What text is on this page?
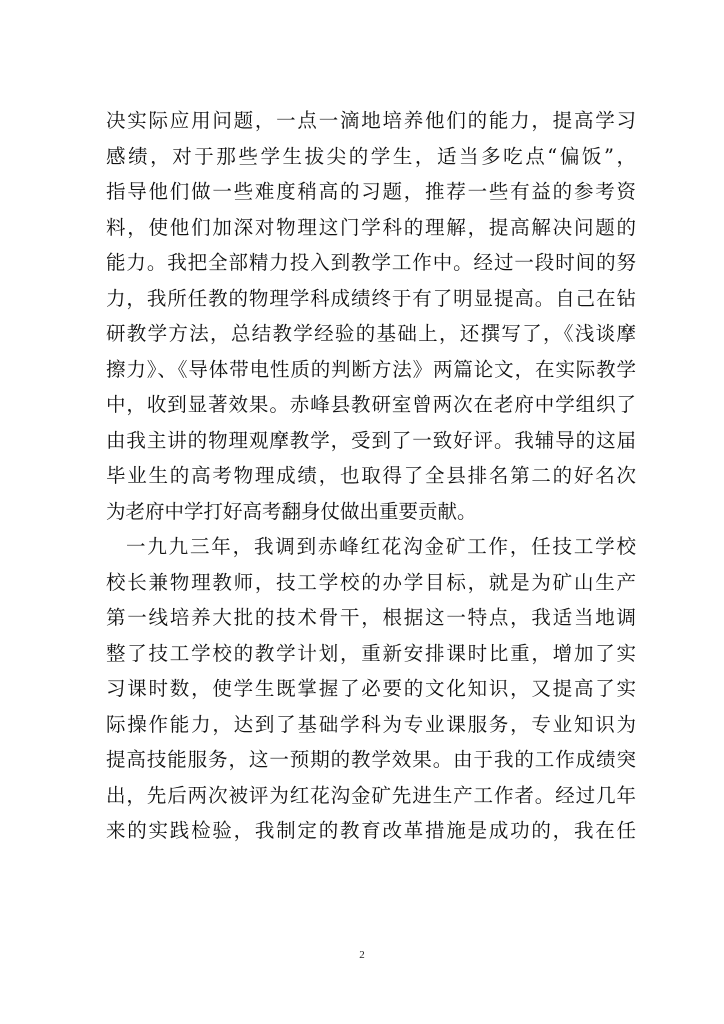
决实际应用问题，一点一滴地培养他们的能力，提高学习
感绩，对于那些学生拔尖的学生，适当多吃点“偏饭”，
指导他们做一些难度稍高的习题，推荐一些有益的参考资
料，使他们加深对物理这门学科的理解，提高解决问题的
能力。我把全部精力投入到教学工作中。经过一段时间的努
力，我所任教的物理学科成绩终于有了明显提高。自己在钻
研教学方法，总结教学经验的基础上，还撰写了，《浅谈摩
擦力》、《导体带电性质的判断方法》两篇论文，在实际教学
中，收到显著效果。赤峰县教研室曾两次在老府中学组织了
由我主讲的物理观摩教学，受到了一致好评。我辅导的这届
毕业生的高考物理成绩，也取得了全县排名第二的好名次
为老府中学打好高考翻身仗做出重要贡献。
一九九三年，我调到赤峰红花沟金矿工作，任技工学校
校长兼物理教师，技工学校的办学目标，就是为矿山生产
第一线培养大批的技术骨干，根据这一特点，我适当地调
整了技工学校的教学计划，重新安排课时比重，增加了实
习课时数，使学生既掌握了必要的文化知识，又提高了实
际操作能力，达到了基础学科为专业课服务，专业知识为
提高技能服务，这一预期的教学效果。由于我的工作成绩突
出，先后两次被评为红花沟金矿先进生产工作者。经过几年
来的实践检验，我制定的教育改革措施是成功的，我在任
2
